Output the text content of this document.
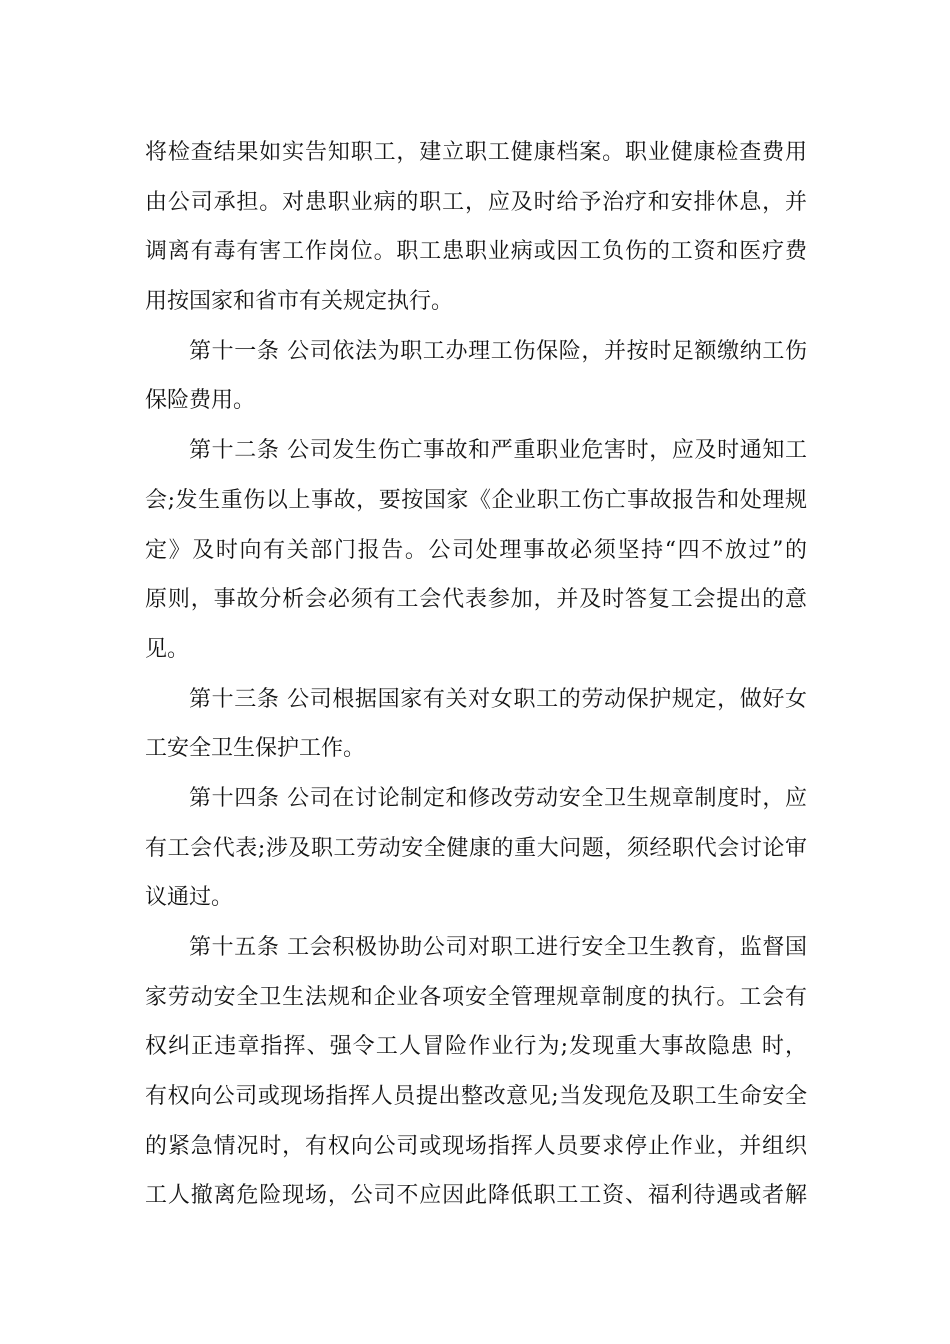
将检查结果如实告知职工，建立职工健康档案。职业健康检查费用
由公司承担。对患职业病的职工，应及时给予治疗和安排休息，并
调离有毒有害工作岗位。职工患职业病或因工负伤的工资和医疗费
用按国家和省市有关规定执行。
第十一条 公司依法为职工办理工伤保险，并按时足额缴纳工伤
保险费用。
第十二条 公司发生伤亡事故和严重职业危害时，应及时通知工
会;发生重伤以上事故，要按国家《企业职工伤亡事故报告和处理规
定》及时向有关部门报告。公司处理事故必须坚持“四不放过”的
原则，事故分析会必须有工会代表参加，并及时答复工会提出的意
见。
第十三条 公司根据国家有关对女职工的劳动保护规定，做好女
工安全卫生保护工作。
第十四条 公司在讨论制定和修改劳动安全卫生规章制度时，应
有工会代表;涉及职工劳动安全健康的重大问题，须经职代会讨论审
议通过。
第十五条 工会积极协助公司对职工进行安全卫生教育，监督国
家劳动安全卫生法规和企业各项安全管理规章制度的执行。工会有
权纠正违章指挥、强令工人冒险作业行为;发现重大事故隐患 时，
有权向公司或现场指挥人员提出整改意见;当发现危及职工生命安全
的紧急情况时，有权向公司或现场指挥人员要求停止作业，并组织
工人撤离危险现场，公司不应因此降低职工工资、福利待遇或者解
